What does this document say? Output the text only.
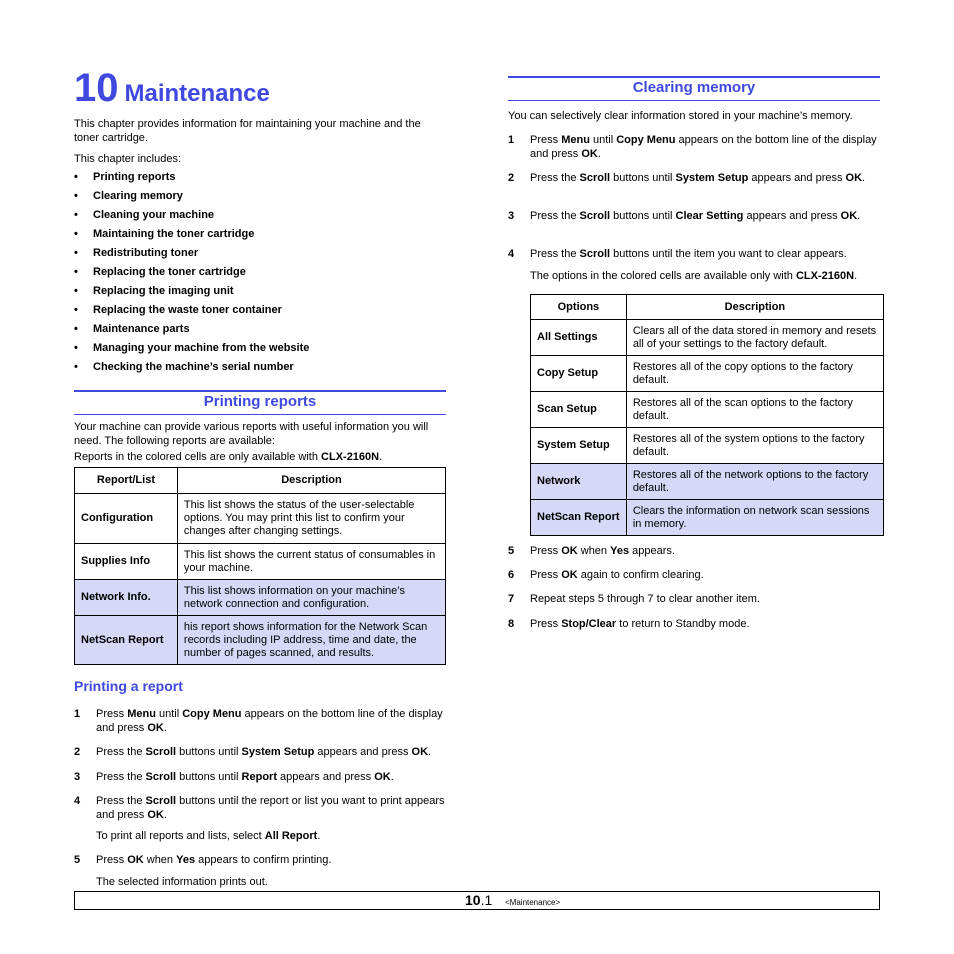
10 Maintenance
This chapter provides information for maintaining your machine and the toner cartridge.
This chapter includes:
• Printing reports
• Clearing memory
• Cleaning your machine
• Maintaining the toner cartridge
• Redistributing toner
• Replacing the toner cartridge
• Replacing the imaging unit
• Replacing the waste toner container
• Maintenance parts
• Managing your machine from the website
• Checking the machine’s serial number
Printing reports
Your machine can provide various reports with useful information you will need. The following reports are available:
Reports in the colored cells are only available with CLX-2160N.
Report/List	Description
Configuration	This list shows the status of the user-selectable options. You may print this list to confirm your changes after changing settings.
Supplies Info	This list shows the current status of consumables in your machine.
Network Info.	This list shows information on your machine’s network connection and configuration.
NetScan Report	his report shows information for the Network Scan records including IP address, time and date, the number of pages scanned, and results.
Printing a report
1 Press Menu until Copy Menu appears on the bottom line of the display and press OK.
2 Press the Scroll buttons until System Setup appears and press OK.
3 Press the Scroll buttons until Report appears and press OK.
4 Press the Scroll buttons until the report or list you want to print appears and press OK.
To print all reports and lists, select All Report.
5 Press OK when Yes appears to confirm printing.
The selected information prints out.
Clearing memory
You can selectively clear information stored in your machine’s memory.
1 Press Menu until Copy Menu appears on the bottom line of the display and press OK.
2 Press the Scroll buttons until System Setup appears and press OK.
3 Press the Scroll buttons until Clear Setting appears and press OK.
4 Press the Scroll buttons until the item you want to clear appears.
The options in the colored cells are available only with CLX-2160N.
Options	Description
All Settings	Clears all of the data stored in memory and resets all of your settings to the factory default.
Copy Setup	Restores all of the copy options to the factory default.
Scan Setup	Restores all of the scan options to the factory default.
System Setup	Restores all of the system options to the factory default.
Network	Restores all of the network options to the factory default.
NetScan Report	Clears the information on network scan sessions in memory.
5 Press OK when Yes appears.
6 Press OK again to confirm clearing.
7 Repeat steps 5 through 7 to clear another item.
8 Press Stop/Clear to return to Standby mode.
10.1 <Maintenance>
